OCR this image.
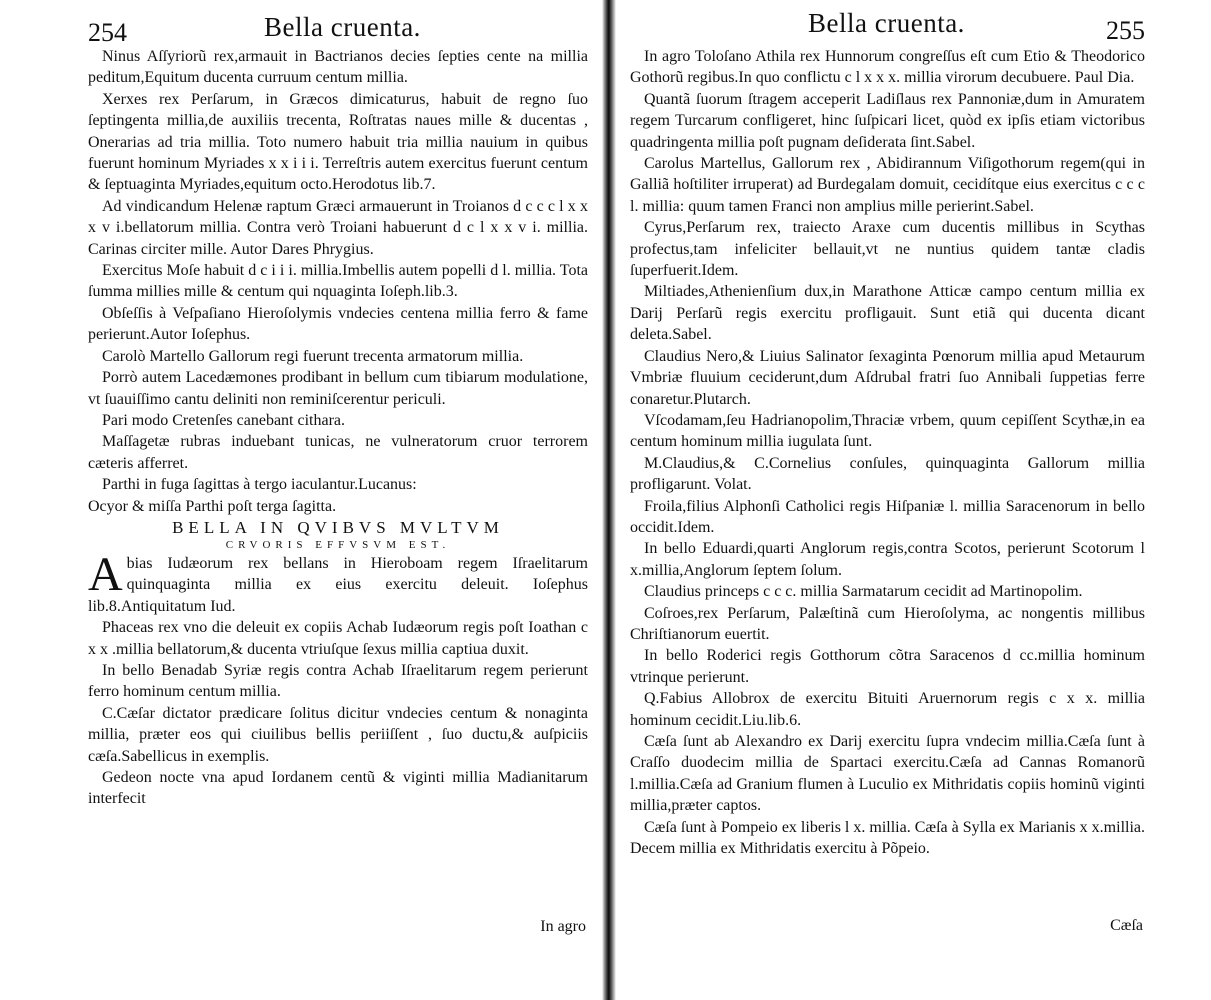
254	Bella cruenta.

Ninus Aſſyriorũ rex,armauit in Bactrianos decies ſepties cente na millia peditum,Equitum ducenta curruum centum millia.

Xerxes rex Perſarum, in Græcos dimicaturus, habuit de regno ſuo ſeptingenta millia,de auxiliis trecenta, Roſtratas naues mille & ducentas , Onerarias ad tria millia. Toto numero habuit tria millia nauium in quibus fuerunt hominum Myriades x x i i i. Terreſtris autem exercitus fuerunt centum & ſeptuaginta Myriades,equitum octo.Herodotus lib.7.

Ad vindicandum Helenæ raptum Græci armauerunt in Troianos d c c c l x x x v i.bellatorum millia. Contra verò Troiani habuerunt d c l x x v i. millia. Carinas circiter mille. Autor Dares Phrygius.

Exercitus Moſe habuit d c i i i. millia.Imbellis autem popelli d l. millia. Tota ſumma millies mille & centum qui nquaginta Ioſeph.lib.3.

Obſeſſis à Veſpaſiano Hieroſolymis vndecies centena millia ferro & fame perierunt.Autor Ioſephus.

Carolò Martello Gallorum regi fuerunt trecenta armatorum millia.

Porrò autem Lacedæmones prodibant in bellum cum tibiarum modulatione, vt ſuauiſſimo cantu deliniti non reminiſcerentur periculi.

Pari modo Cretenſes canebant cithara.

Maſſagetæ rubras induebant tunicas, ne vulneratorum cruor terrorem cæteris afferret.

Parthi in fuga ſagittas à tergo iaculantur.Lucanus:

Ocyor & miſſa Parthi poſt terga ſagitta.

BELLA IN QVIBVS MVLTVM

CRVORIS EFFVSVM EST.

Abias Iudæorum rex bellans in Hieroboam regem Iſraelitarum quinquaginta millia ex eius exercitu deleuit. Ioſephus lib.8.Antiquitatum Iud.

Phaceas rex vno die deleuit ex copiis Achab Iudæorum regis poſt Ioathan c x x .millia bellatorum,& ducenta vtriuſque ſexus millia captiua duxit.

In bello Benadab Syriæ regis contra Achab Iſraelitarum regem perierunt ferro hominum centum millia.

C.Cæſar dictator prædicare ſolitus dicitur vndecies centum & nonaginta millia, præter eos qui ciuilibus bellis periiſſent , ſuo ductu,& auſpiciis cæſa.Sabellicus in exemplis.

Gedeon nocte vna apud Iordanem centũ & viginti millia Madianitarum interfecit

In agro
Bella cruenta.	255

In agro Toloſano Athila rex Hunnorum congreſſus eſt cum Etio & Theodorico Gothorũ regibus.In quo conflictu c l x x x. millia virorum decubuere. Paul Dia.

Quantã ſuorum ſtragem acceperit Ladiſlaus rex Pannoniæ,dum in Amuratem regem Turcarum confligeret, hinc ſuſpicari licet, quòd ex ipſis etiam victoribus quadringenta millia poſt pugnam deſiderata ſint.Sabel.

Carolus Martellus, Gallorum rex , Abidirannum Viſigothorum regem(qui in Galliã hoſtiliter irruperat) ad Burdegalam domuit, cecidítque eius exercitus c c c l. millia: quum tamen Franci non amplius mille perierint.Sabel.

Cyrus,Perſarum rex, traiecto Araxe cum ducentis millibus in Scythas profectus,tam infeliciter bellauit,vt ne nuntius quidem tantæ cladis ſuperfuerit.Idem.

Miltiades,Athenienſium dux,in Marathone Atticæ campo centum millia ex Darij Perſarũ regis exercitu profligauit. Sunt etiã qui ducenta dicant deleta.Sabel.

Claudius Nero,& Liuius Salinator ſexaginta Pœnorum millia apud Metaurum Vmbriæ fluuium ceciderunt,dum Aſdrubal fratri ſuo Annibali ſuppetias ferre conaretur.Plutarch.

Vſcodamam,ſeu Hadrianopolim,Thraciæ vrbem, quum cepiſſent Scythæ,in ea centum hominum millia iugulata ſunt.

M.Claudius,& C.Cornelius conſules, quinquaginta Gallorum millia profligarunt. Volat.

Froila,filius Alphonſi Catholici regis Hiſpaniæ l. millia Saracenorum in bello occidit.Idem.

In bello Eduardi,quarti Anglorum regis,contra Scotos, perierunt Scotorum l x.millia,Anglorum ſeptem ſolum.

Claudius princeps c c c. millia Sarmatarum cecidit ad Martinopolim.

Coſroes,rex Perſarum, Palæſtinã cum Hieroſolyma, ac nongentis millibus Chriſtianorum euertit.

In bello Roderici regis Gotthorum cõtra Saracenos d cc.millia hominum vtrinque perierunt.

Q.Fabius Allobrox de exercitu Bituiti Aruernorum regis c x x. millia hominum cecidit.Liu.lib.6.

Cæſa ſunt ab Alexandro ex Darij exercitu ſupra vndecim millia.Cæſa ſunt à Craſſo duodecim millia de Spartaci exercitu.Cæſa ad Cannas Romanorũ l.millia.Cæſa ad Granium flumen à Luculio ex Mithridatis copiis hominũ viginti millia,præter captos.

Cæſa ſunt à Pompeio ex liberis l x. millia. Cæſa à Sylla ex Marianis x x.millia. Decem millia ex Mithridatis exercitu à Põpeio.

Cæſa
